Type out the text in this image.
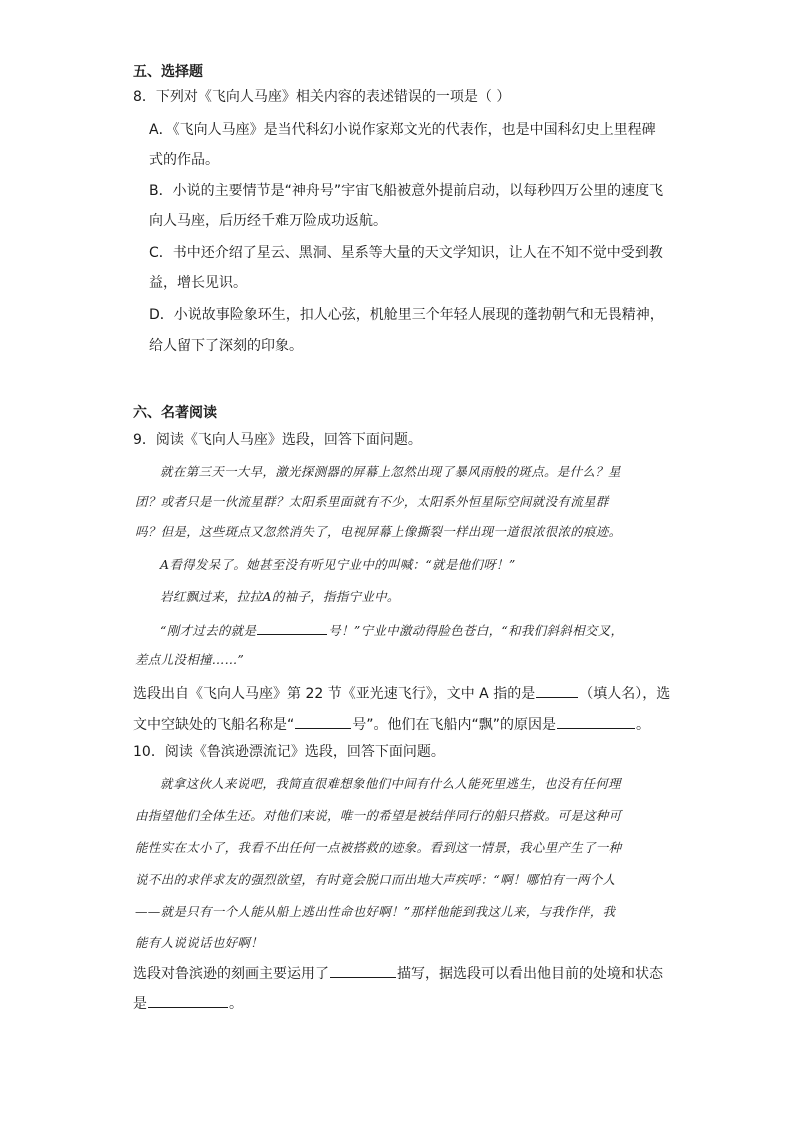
五、选择题
8．下列对《飞向人马座》相关内容的表述错误的一项是（ ）
A．《飞向人马座》是当代科幻小说作家郑文光的代表作，也是中国科幻史上里程碑
式的作品。
B．小说的主要情节是“神舟号”宇宙飞船被意外提前启动，以每秒四万公里的速度飞
向人马座，后历经千难万险成功返航。
C．书中还介绍了星云、黑洞、星系等大量的天文学知识，让人在不知不觉中受到教
益，增长见识。
D．小说故事险象环生，扣人心弦，机舱里三个年轻人展现的蓬勃朝气和无畏精神，
给人留下了深刻的印象。
六、名著阅读
9．阅读《飞向人马座》选段，回答下面问题。
就在第三天一大早，激光探测器的屏幕上忽然出现了暴风雨般的斑点。是什么？星
团？或者只是一伙流星群？太阳系里面就有不少，太阳系外恒星际空间就没有流星群
吗？但是，这些斑点又忽然消失了，电视屏幕上像撕裂一样出现一道很浓很浓的痕迹。
A看得发呆了。她甚至没有听见宁业中的叫喊：“就是他们呀！”
岩红飘过来，拉拉A的袖子，指指宁业中。
“刚才过去的就是	号！”宁业中激动得脸色苍白，“和我们斜斜相交叉，
差点儿没相撞……”
选段出自《飞向人马座》第 22 节《亚光速飞行》，文中 A 指的是	（填人名），选
文中空缺处的飞船名称是“	号”。他们在飞船内“飘”的原因是	。
10．阅读《鲁滨逊漂流记》选段，回答下面问题。
就拿这伙人来说吧，我简直很难想象他们中间有什么人能死里逃生，也没有任何理
由指望他们全体生还。对他们来说，唯一的希望是被结伴同行的船只搭救。可是这种可
能性实在太小了，我看不出任何一点被搭救的迹象。看到这一情景，我心里产生了一种
说不出的求伴求友的强烈欲望，有时竟会脱口而出地大声疾呼：“啊！哪怕有一两个人
——就是只有一个人能从船上逃出性命也好啊！”那样他能到我这儿来，与我作伴，我
能有人说说话也好啊！
选段对鲁滨逊的刻画主要运用了	描写，据选段可以看出他目前的处境和状态
是	。
